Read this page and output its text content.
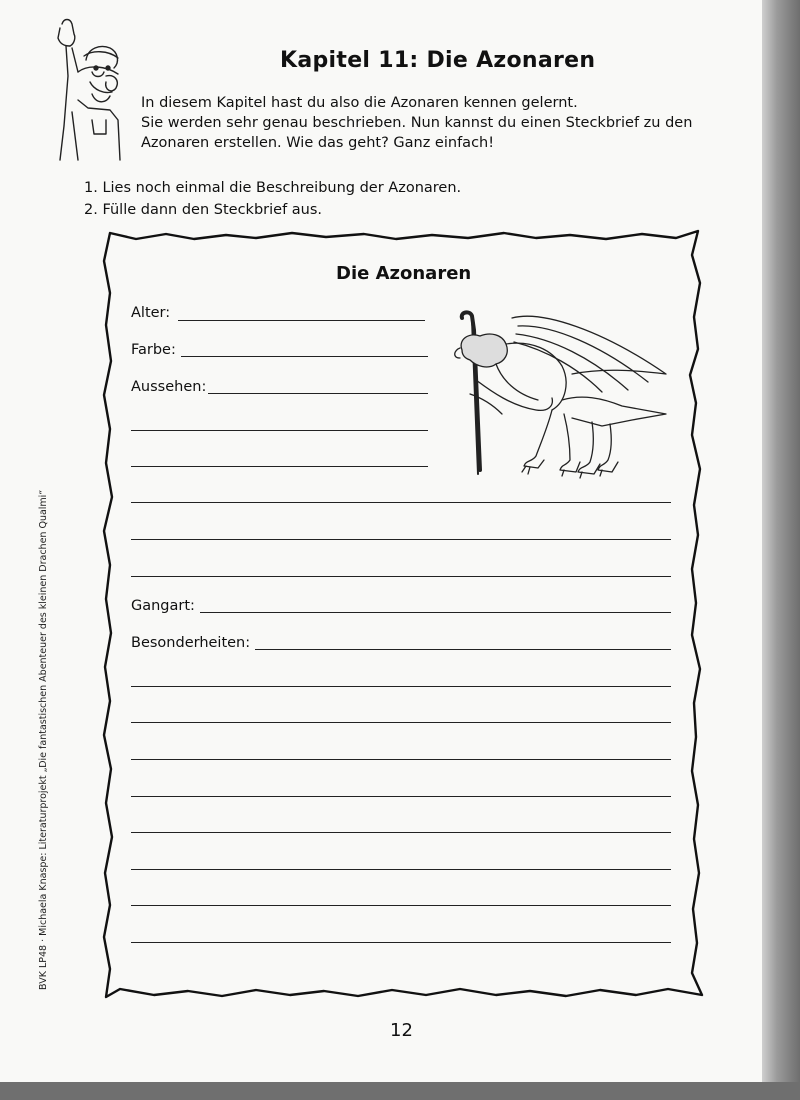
Kapitel 11: Die Azonaren
In diesem Kapitel hast du also die Azonaren kennen gelernt.
Sie werden sehr genau beschrieben. Nun kannst du einen Steckbrief zu den
Azonaren erstellen. Wie das geht? Ganz einfach!
1. Lies noch einmal die Beschreibung der Azonaren.
2. Fülle dann den Steckbrief aus.
Die Azonaren
Alter:
Farbe:
Aussehen:
Gangart:
Besonderheiten:
BVK LP48 · Michaela Knaspe: Literaturprojekt „Die fantastischen Abenteuer des kleinen Drachen Qualmi“
12
